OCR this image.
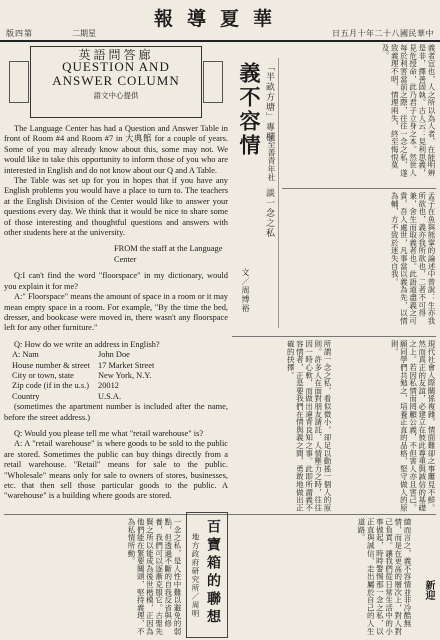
版四第	二期星
報導夏華
日五月十年二十八國民華中
英語問答廊
QUESTION AND
ANSWER COLUMN
語文中心提供

The Language Center has had a Question and Answer Table in front of Room #4 and Room #7 in 大典館 for a couple of years. Some of you may already know about this, some may not. We would like to take this opportunity to inform those of you who are interested in English and do not know about our Q and A Table.

The Table was set up for you in hopes that if you have any English problems you would have a place to turn to. The teachers at the English Division of the Center would like to answer your questions every day. We think that it would be nice to share some of those interesting and thoughtful questions and answers with other students here at the university.

FROM the staff at the Language

Center

Q:I can't find the word "floorspace" in my dictionary, would you explain it for me?

A:" Floorspace" means the amount of space in a room or it may mean empty space in a room. For example, "By the time the bed, dresser, and bookcase were moved in, there wasn't any floorspace left for any other furniture."

Q: How do we write an address in English?

A: Nam	John Doe
House number & street 17 Market Street
City or town, state	New York, N.Y.
Zip code (if in the u.s.)	20012
Country	U.S.A.

(sometimes the apartment number is included after the name, before the street address.)

Q: Would you please tell me what "retail warehouse" is?

A: A "retail warehouse" is where goods to be sold to the public are stored. Sometimes the public can buy things directly from a retail warehouse. "Retail" means for sale to the public. "Wholesale" means only for sale to owners of stores, businesses, etc. that then sell those particular goods to the public. A "warehouse" is a building where goods are stored.

「半畝方塘」專欄
義不容情
談一念之私
文／周博裕
至善青年社	義者宜也，人之所以為人者，在能明辨是非，擇善固執。古人云：見利思義，見危授命，此乃君子立身之本。然世人每於利害當前之際，往往一念之私，遂致義理不明，情理兩失，終至悔恨莫及。
孟子在魚與熊掌的論述中曾說：生亦我所欲也，義亦我所欲也，二者不可得兼，舍生而取義者也。此語道盡義之可貴。吾人處世，凡事當以義為先，以情為輔，方不致於迷失自我。
所謂一念之私，看似微小，卻足以動搖一個人的原則。許多人在面對朋友請託、人情壓力之時，往往因一時心軟，而做出違背良知之事。此即所謂義不容情者，正是要我們在情與義之間，勇敢地做出正確的抉擇。	現代社會人際關係複雜，情面難卻之事屢見不鮮。然而真正的友誼，必建立在彼此尊重與誠信的基礎之上。若因私情而罔顧公義，不但害人亦且害己。願同學們共勉之，培養正直的品格，堅守做人的原則。
一念之私，是人性中難以避免的弱點，但透過不斷的自我反省與修養，我們可以逐漸克服它。古聖先賢之所以能成為後世楷模，正因為他們能在緊要關頭，堅持義理，不為私情所動。	總而言之，義不容情並非冷酷無情，而是在更高的層次上，對人對己負責。讓我們從日常生活中的小事做起，時時警惕那一念之私，以正直與誠信，走出屬於自己的人生道路。
百寶箱的聯想
地方政府研究所／周明	新迎
